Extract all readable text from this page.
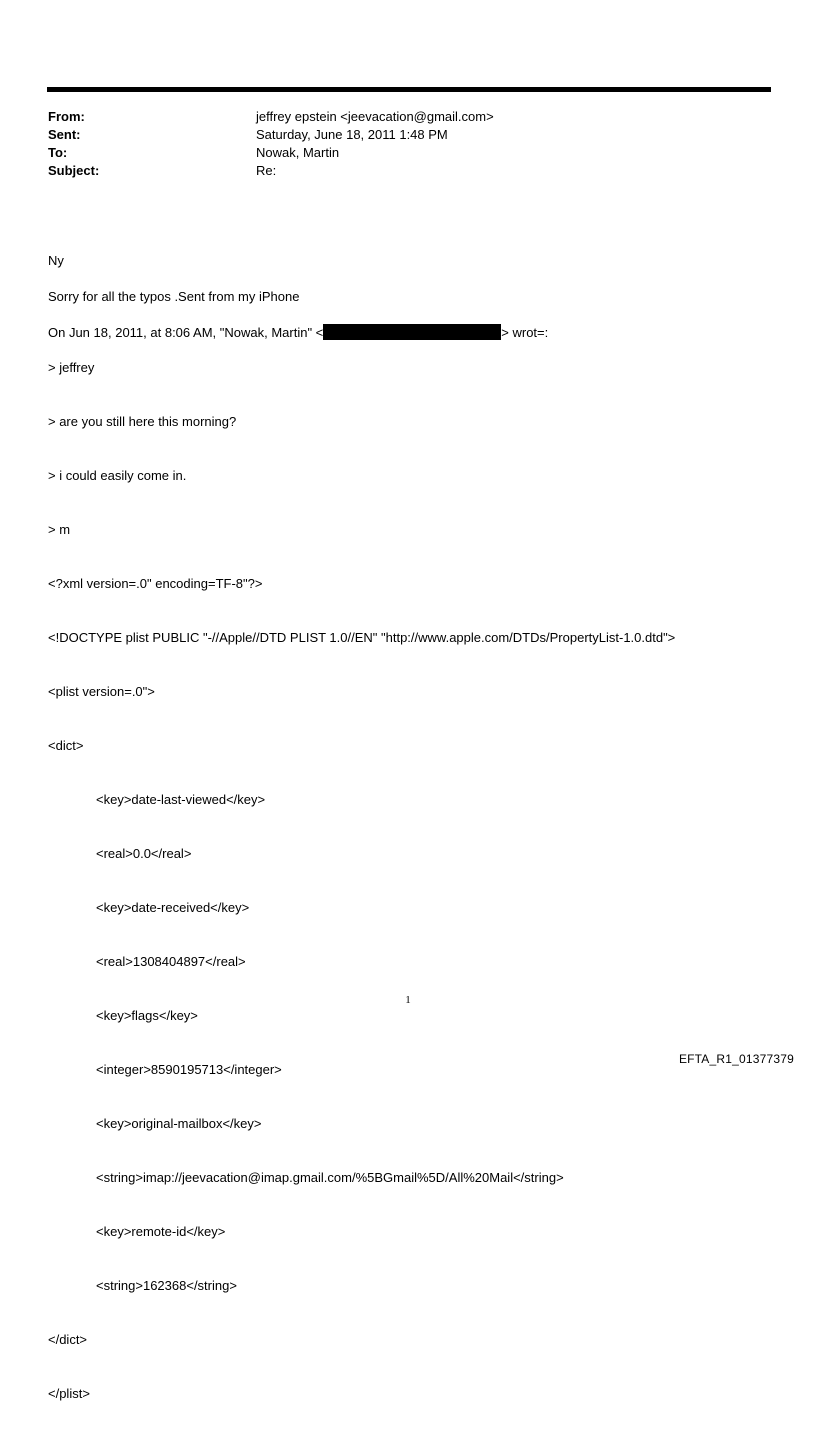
From:	jeffrey epstein <jeevacation@gmail.com>
Sent:	Saturday, June 18, 2011 1:48 PM
To:	Nowak, Martin
Subject:	Re:

Ny

Sorry for all the typos .Sent from my iPhone

On Jun 18, 2011, at 8:06 AM, "Nowak, Martin" <	> wrot=:

> jeffrey

> are you still here this morning?

> i could easily come in.

> m

<?xml version=.0" encoding=TF-8"?>

<!DOCTYPE plist PUBLIC "-//Apple//DTD PLIST 1.0//EN" "http://www.apple.com/DTDs/PropertyList-1.0.dtd">

<plist version=.0">

<dict>

<key>date-last-viewed</key>

<real>0.0</real>

<key>date-received</key>

<real>1308404897</real>

<key>flags</key>

<integer>8590195713</integer>

<key>original-mailbox</key>

<string>imap://jeevacation@imap.gmail.com/%5BGmail%5D/All%20Mail</string>

<key>remote-id</key>

<string>162368</string>

</dict>

</plist>

1
EFTA_R1_01377379
